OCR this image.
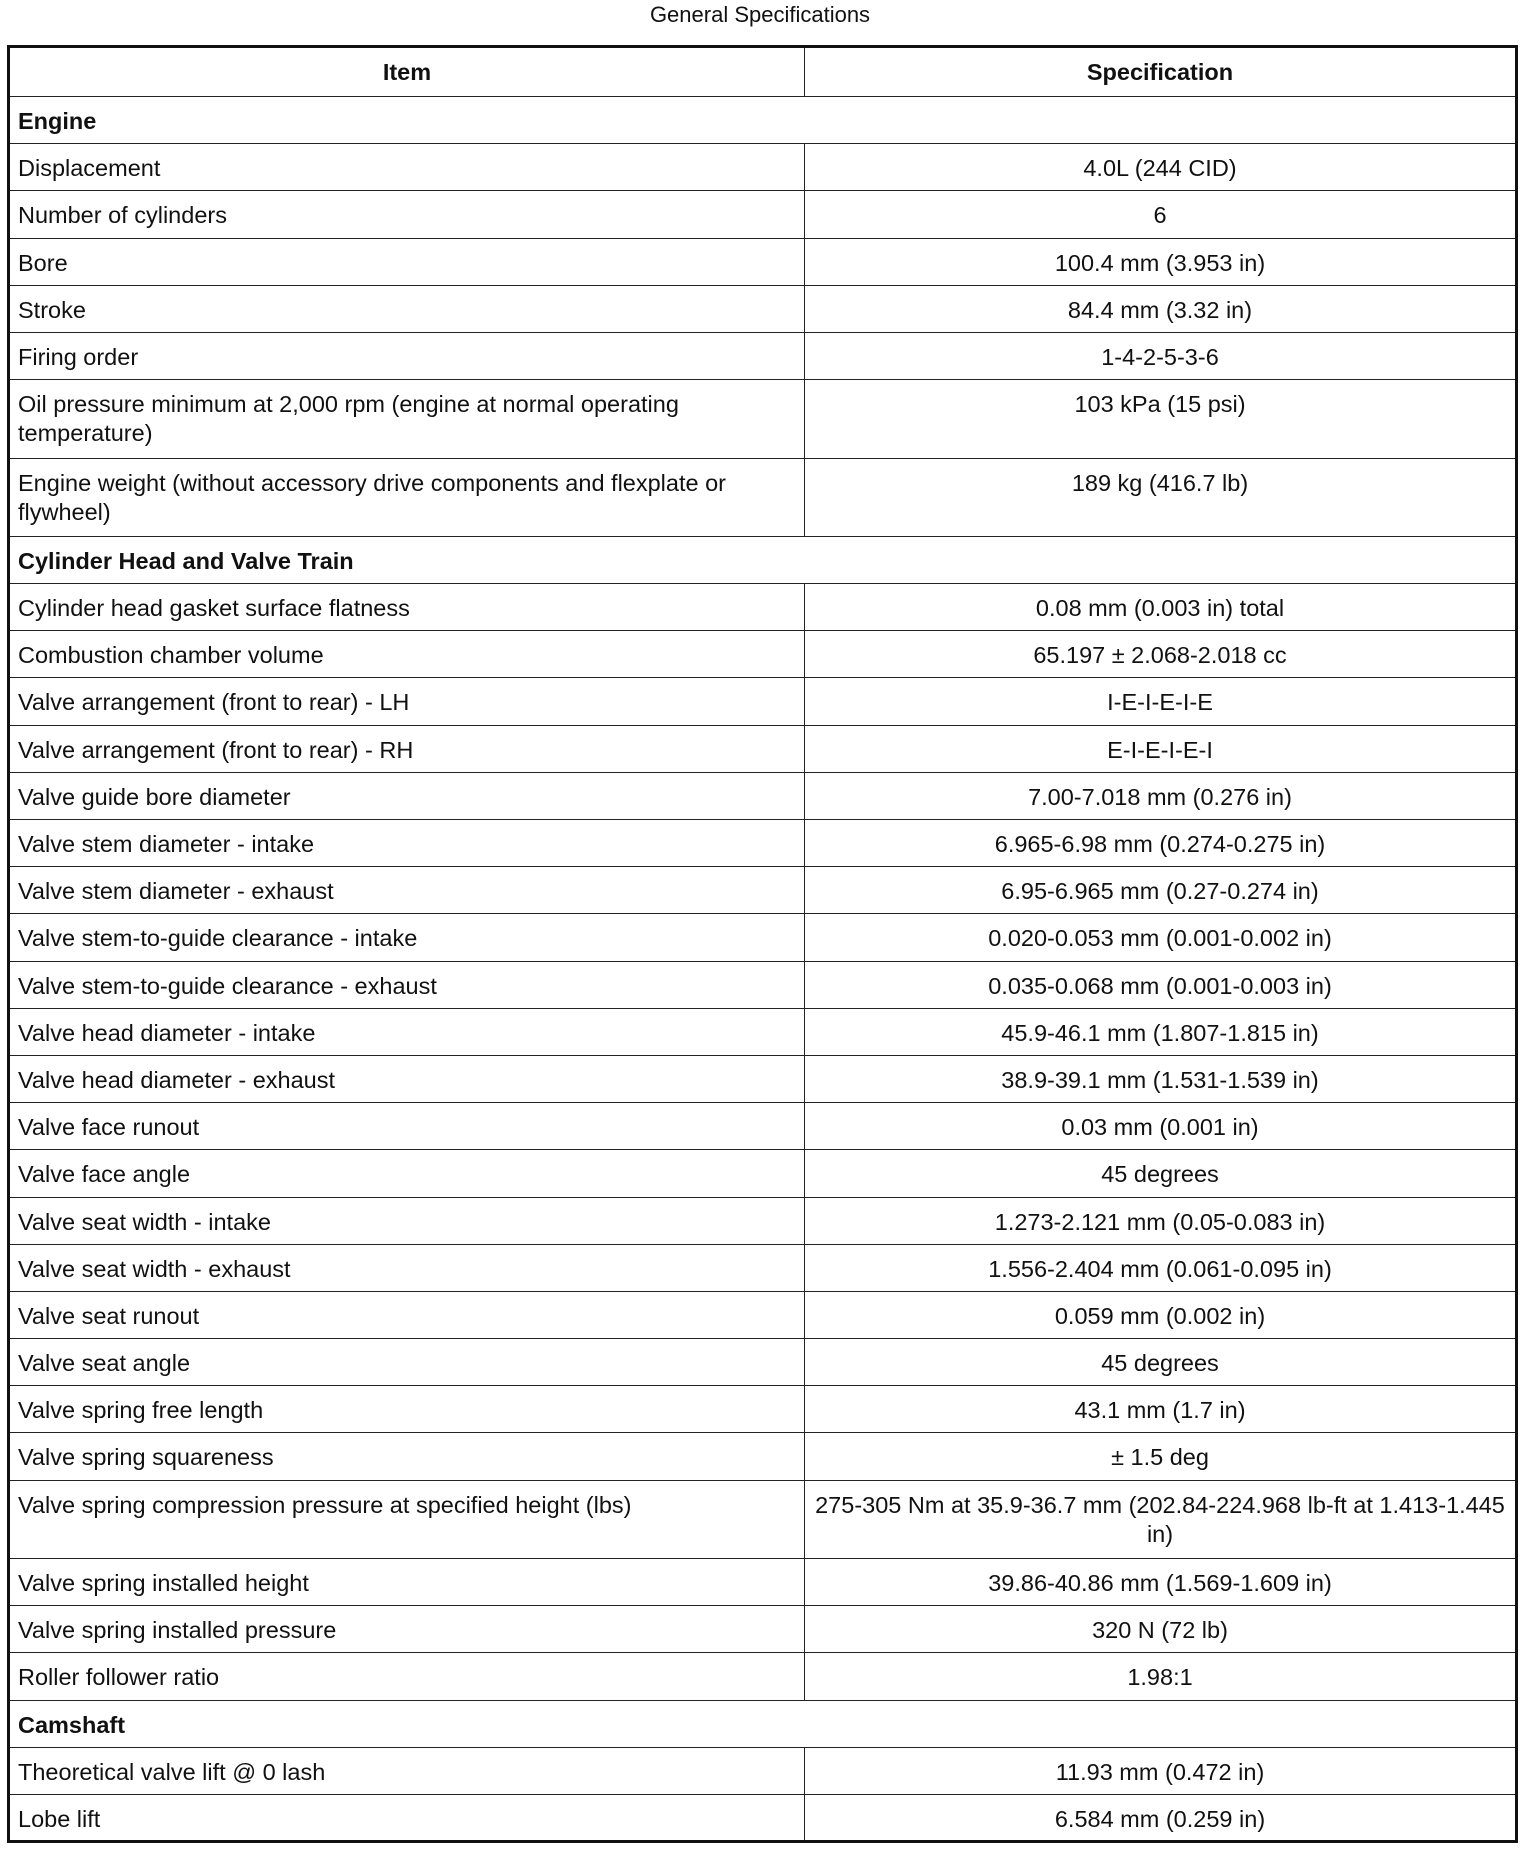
General Specifications
Item	Specification
Engine	
Displacement	4.0L (244 CID)
Number of cylinders	6
Bore	100.4 mm (3.953 in)
Stroke	84.4 mm (3.32 in)
Firing order	1-4-2-5-3-6
Oil pressure minimum at 2,000 rpm (engine at normal operating temperature)	103 kPa (15 psi)
Engine weight (without accessory drive components and flexplate or flywheel)	189 kg (416.7 lb)
Cylinder Head and Valve Train	
Cylinder head gasket surface flatness	0.08 mm (0.003 in) total
Combustion chamber volume	65.197 ± 2.068-2.018 cc
Valve arrangement (front to rear) - LH	I-E-I-E-I-E
Valve arrangement (front to rear) - RH	E-I-E-I-E-I
Valve guide bore diameter	7.00-7.018 mm (0.276 in)
Valve stem diameter - intake	6.965-6.98 mm (0.274-0.275 in)
Valve stem diameter - exhaust	6.95-6.965 mm (0.27-0.274 in)
Valve stem-to-guide clearance - intake	0.020-0.053 mm (0.001-0.002 in)
Valve stem-to-guide clearance - exhaust	0.035-0.068 mm (0.001-0.003 in)
Valve head diameter - intake	45.9-46.1 mm (1.807-1.815 in)
Valve head diameter - exhaust	38.9-39.1 mm (1.531-1.539 in)
Valve face runout	0.03 mm (0.001 in)
Valve face angle	45 degrees
Valve seat width - intake	1.273-2.121 mm (0.05-0.083 in)
Valve seat width - exhaust	1.556-2.404 mm (0.061-0.095 in)
Valve seat runout	0.059 mm (0.002 in)
Valve seat angle	45 degrees
Valve spring free length	43.1 mm (1.7 in)
Valve spring squareness	± 1.5 deg
Valve spring compression pressure at specified height (lbs)	275-305 Nm at 35.9-36.7 mm (202.84-224.968 lb-ft at 1.413-1.445 in)
Valve spring installed height	39.86-40.86 mm (1.569-1.609 in)
Valve spring installed pressure	320 N (72 lb)
Roller follower ratio	1.98:1
Camshaft	
Theoretical valve lift @ 0 lash	11.93 mm (0.472 in)
Lobe lift	6.584 mm (0.259 in)
